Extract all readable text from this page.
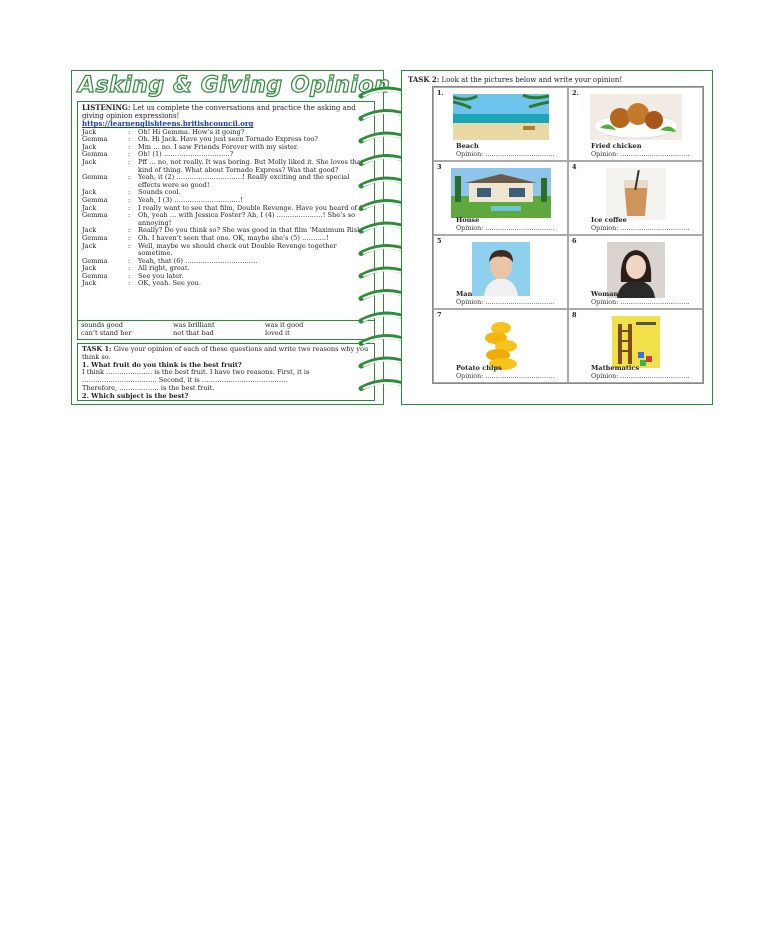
Asking & Giving Opinion
LISTENING: Let us complete the conversations and practice the asking and giving opinion expressions!
https://learnenglishteens.britishcouncil.org
Jack	:	Oh! Hi Gemma. How’s it going?
Gemma	:	Oh. Hi Jack. Have you just seen Tornado Express too?
Jack	:	Mm … no. I saw Friends Forever with my sister.
Gemma	:	Oh! (1) …………………………?
Jack	:	Pff … no, not really. It was boring. But Molly liked it. She loves that kind of thing. What about Tornado Express? Was that good?
Gemma	:	Yeah, it (2) …………………………! Really exciting and the special effects were so good!
Jack	:	Sounds cool.
Gemma	:	Yeah, I (3) …………………………!
Jack	:	I really want to see that film, Double Revenge. Have you heard of it?
Gemma	:	Oh, yeah … with Jessica Foster? Ah, I (4) …………………! She’s so annoying!
Jack	:	Really? Do you think so? She was good in that film ‘Maximum Risk’.
Gemma	:	Oh. I haven’t seen that one. OK, maybe she’s (5) ………..!
Jack	:	Well, maybe we should check out Double Revenge together sometime.
Gemma	:	Yeah, that (6) ……………………………
Jack	:	All right, great.
Gemma	:	See you later.
Jack	:	OK, yeah. See you.
sounds good	was brilliant	was it good
can’t stand her	not that bad	loved it
TASK 1: Give your opinion of each of these questions and write two reasons why you think so.
1. What fruit do you think is the best fruit?
I think ………………… is the best fruit. I have two reasons. First, it is
……………………………. Second, it is …………………………………
Therefore, ……………… is the best fruit.
2. Which subject is the best?
TASK 2: Look at the pictures below and write your opinion!
1.
Beach
Opinion: ……………………………
2.
Fried chicken
Opinion: ……………………………
3
House
Opinion: ……………………………
4
Ice coffee
Opinion: ……………………………
5
Man
Opinion: ……………………………
6
Woman
Opinion: ……………………………
7
Potato chips
Opinion: ……………………………
8
Mathematics
Opinion: ……………………………
